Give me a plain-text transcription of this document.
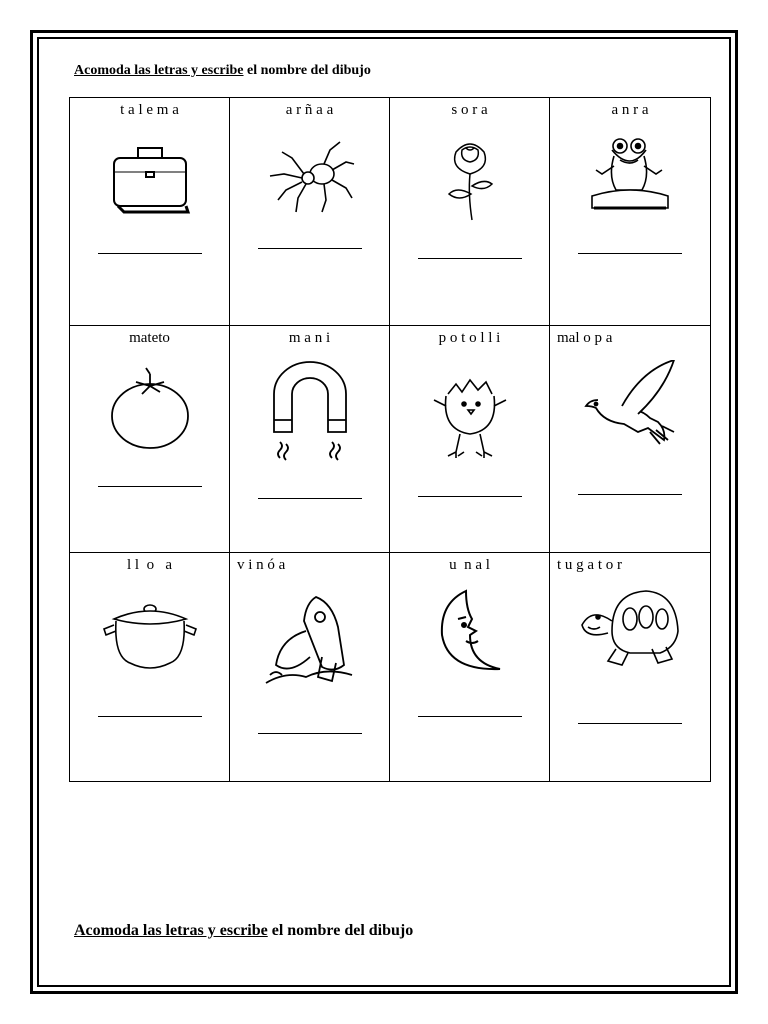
Acomoda las letras y escribe el nombre del dibujo
t a l e m a	a r ñ a a	s o r a	a n r a
mateto	m a n i	p o t o l l i	mal o p a
l l  o   a	v i n ó a	u  n a l	t u g a t o r
Acomoda las letras y escribe el nombre del dibujo
